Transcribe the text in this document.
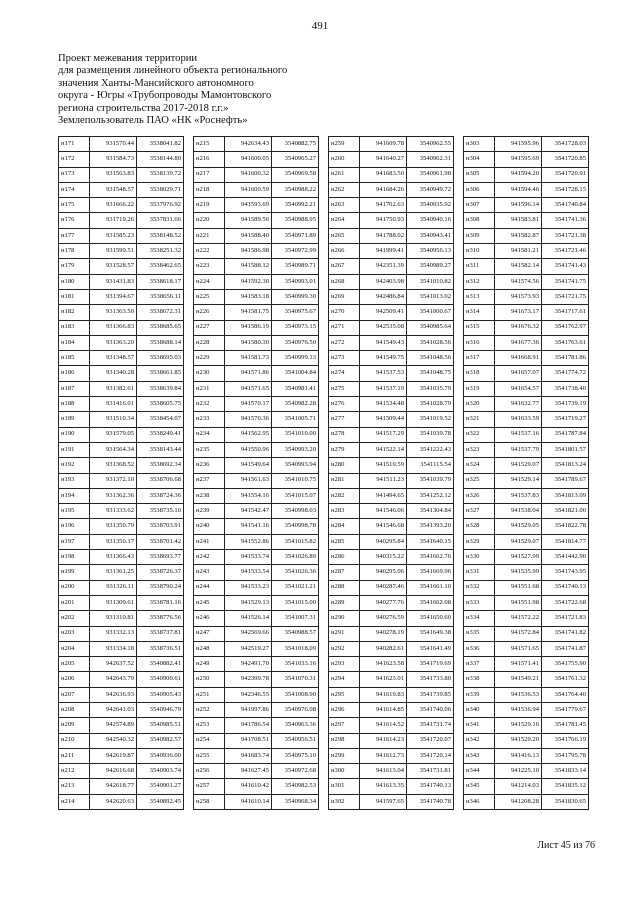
491
Проект межевания территории
для размещения линейного объекта регионального
значения Ханты-Мансийского автономного
округа - Югры «Трубопроводы Мамонтовского
региона строительства 2017-2018 г.г.»
Землепользователь ПАО «НК «Роснефть»
н171	931570.44	3538041.82
н172	931584.73	3538144.80
н173	931563.83	3538139.72
н174	931548.57	3538029.71
н175	931666.22	3537976.92
н176	931719.26	3537831.66
н177	931585.23	3538148.52
н178	931599.51	3538251.32
н179	931528.57	3538462.65
н180	931431.83	3538618.17
н181	931394.67	3538656.11
н182	931363.50	3538672.31
н183	931366.83	3538685.65
н184	931363.20	3538688.14
н185	931348.57	3538695.03
н186	931340.28	3538661.85
н187	931382.61	3538639.84
н188	931416.01	3538605.75
н189	931510.34	3538454.07
н190	931579.05	3538249.41
н191	931564.34	3538143.44
н192	931368.52	3538692.34
н193	931372.10	3538706.68
н194	931362.36	3538724.36
н195	931333.62	3538735.10
н196	931350.79	3538703.91
н197	931350.17	3538701.42
н198	931366.43	3538693.77
н199	931361.25	3538726.37
н200	931326.11	3538790.24
н201	931309.61	3538781.16
н202	931310.81	3538776.56
н203	931332.13	3538737.81
н204	931334.18	3538736.51
н205	942637.52	3540882.41
н206	942643.79	3540900.61
н207	942636.93	3540905.43
н208	942641.03	3540946.79
н209	942574.89	3540985.51
н210	942540.32	3540982.57
н211	942619.87	3540936.00
н212	942616.68	3540903.74
н213	942618.77	3540901.27
н214	942620.63	3540892.45
н215	942634.43	3540882.75
н216	941600.05	3540965.27
н217	941600.32	3540969.58
н218	941600.59	3540988.22
н219	941593.69	3540992.21
н220	941589.56	3540988.95
н221	941588.40	3540971.89
н222	941586.98	3540972.99
н223	941588.12	3540989.71
н224	941592.30	3540993.01
н225	941583.18	3540999.30
н226	941581.75	3540975.67
н227	941586.19	3540973.15
н228	941580.30	3540976.50
н229	941581.73	3540999.13
н230	941571.86	3541004.84
н231	941571.65	3540981.41
н232	941570.17	3540982.28
н233	941570.36	3541005.71
н234	941562.95	3541010.00
н235	941550.96	3540993.20
н236	941549.64	3540993.94
н237	941561.63	3541010.75
н238	941554.16	3541015.07
н239	941542.47	3540998.03
н240	941541.16	3540998.78
н241	941552.86	3541015.82
н242	941533.74	3541026.89
н243	941533.54	3541026.36
н244	941533.23	3541021.21
н245	941529.13	3541015.00
н246	941526.14	3541007.31
н247	942569.66	3540988.57
н248	942519.27	3541018.09
н249	942491.70	3541033.16
н250	942399.78	3541070.31
н251	942346.55	3541008.90
н252	941997.86	3540976.08
н253	941786.54	3540963.36
н254	941708.51	3540956.51
н255	941683.74	3540975.10
н256	941627.45	3540972.68
н257	941610.42	3540982.53
н258	941610.14	3540968.34
н259	941609.78	3540962.55
н260	941640.27	3540962.31
н261	941683.50	3540961.98
н262	941684.26	3540949.72
н263	941702.63	3540935.92
н264	941750.93	3540940.16
н265	941788.02	3540943.41
н266	941999.41	3540956.13
н267	942351.39	3540989.27
н268	942403.98	3541010.82
н269	942486.84	3541013.02
н270	942509.41	3541000.67
н271	942535.08	3540985.64
н272	941549.43	3541028.56
н273	941549.75	3541048.56
н274	941537.53	3541048.75
н275	941537.19	3541035.79
н276	941534.48	3541028.79
н277	941509.44	3541019.52
н278	941517.29	3541039.78
н279	941522.14	3541222.43
н280	941510.59	3541115.54
н281	941511.23	3541039.79
н282	941494.65	3541252.12
н283	941546.06	3541304.84
н284	941546.68	3541393.20
н285	940295.84	3541640.15
н286	940315.22	3541662.76
н287	940295.06	3541669.96
н288	940287.46	3541661.10
н289	940277.76	3541662.08
н290	940276.59	3541650.60
н291	940278.19	3541649.38
н292	940282.61	3541641.49
н293	941623.58	3541719.69
н294	941623.01	3541733.80
н295	941619.83	3541739.85
н296	941614.85	3541740.06
н297	941614.52	3541731.74
н298	941614.23	3541720.07
н299	941612.73	3541720.14
н300	941613.04	3541731.81
н301	941613.35	3541740.13
н302	941597.65	3541740.78
н303	941595.96	3541728.03
н304	941595.69	3541720.85
н305	941594.20	3541720.91
н306	941594.46	3541728.15
н307	941596.14	3541740.84
н308	941583.81	3541741.36
н309	941582.87	3541721.38
н310	941581.21	3541721.46
н311	941582.14	3541741.43
н312	941574.56	3541741.75
н313	941573.93	3541721.75
н314	941673.17	3541717.61
н315	941676.32	3541762.97
н316	941677.36	3541763.61
н317	941668.91	3541781.86
н318	941657.07	3541774.72
н319	941654.57	3541738.40
н320	941632.77	3541739.19
н321	941633.59	3541719.27
н322	941537.16	3541787.84
н323	941537.79	3541801.57
н324	941529.07	3541813.24
н325	941529.14	3541789.67
н326	941537.83	3541813.09
н327	941538.04	3541821.00
н328	941529.05	3541822.78
н329	941529.07	3541814.77
н330	941527.99	3541442.90
н331	941535.99	3541743.95
н332	941551.68	3541740.13
н333	941551.98	3541722.68
н334	941572.22	3541721.83
н335	941572.84	3541741.82
н336	941571.65	3541741.87
н337	941571.41	3541755.90
н338	941549.21	3541761.32
н339	941536.53	3541764.40
н340	941536.94	3541779.67
н341	941529.16	3541781.45
н342	941529.20	3541766.19
н343	941416.13	3541795.78
н344	941225.10	3541833.14
н345	941214.03	3541835.12
н346	941208.28	3541830.65
Лист 45 из 76
